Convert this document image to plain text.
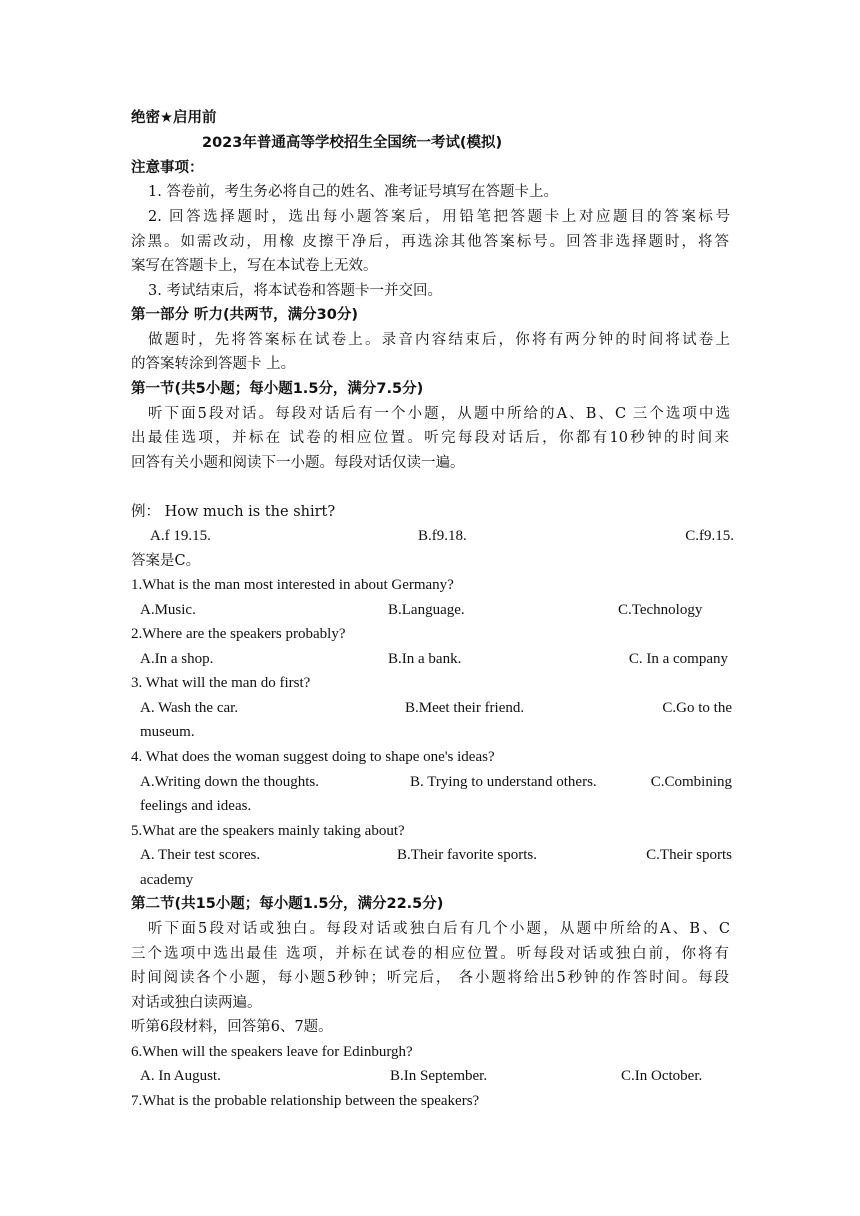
绝密★启用前
2023年普通高等学校招生全国统一考试(模拟)
注意事项：
1. 答卷前，考生务必将自己的姓名、准考证号填写在答题卡上。
2. 回答选择题时，选出每小题答案后，用铅笔把答题卡上对应题目的答案标号
涂黑。如需改动，用橡 皮擦干净后，再选涂其他答案标号。回答非选择题时，将答
案写在答题卡上，写在本试卷上无效。
3. 考试结束后，将本试卷和答题卡一并交回。
第一部分 听力(共两节，满分30分)
做题时，先将答案标在试卷上。录音内容结束后，你将有两分钟的时间将试卷上
的答案转涂到答题卡 上。
第一节(共5小题；每小题1.5分，满分7.5分)
听下面5段对话。每段对话后有一个小题，从题中所给的A、B、C 三个选项中选
出最佳选项，并标在 试卷的相应位置。听完每段对话后，你都有10秒钟的时间来
回答有关小题和阅读下一小题。每段对话仅读一遍。
例： How much is the shirt?
A.f 19.15.	B.f9.18.	C.f9.15.
答案是C。
1.What is the man most interested in about Germany?
A.Music.	B.Language.	C.Technology
2.Where are the speakers probably?
A.In a shop.	B.In a bank.	C. In a company
3. What will the man do first?
A. Wash the car.	B.Meet their friend.	C.Go to the
museum.
4. What does the woman suggest doing to shape one's ideas?
A.Writing down the thoughts.	B. Trying to understand others.	C.Combining
feelings and ideas.
5.What are the speakers mainly taking about?
A. Their test scores.	B.Their favorite sports.	C.Their sports
academy
第二节(共15小题；每小题1.5分，满分22.5分)
听下面5段对话或独白。每段对话或独白后有几个小题，从题中所给的A、B、C
三个选项中选出最佳 选项，并标在试卷的相应位置。听每段对话或独白前，你将有
时间阅读各个小题，每小题5秒钟；听完后， 各小题将给出5秒钟的作答时间。每段
对话或独白读两遍。
听第6段材料，回答第6、7题。
6.When will the speakers leave for Edinburgh?
A. In August.	B.In September.	C.In October.
7.What is the probable relationship between the speakers?
